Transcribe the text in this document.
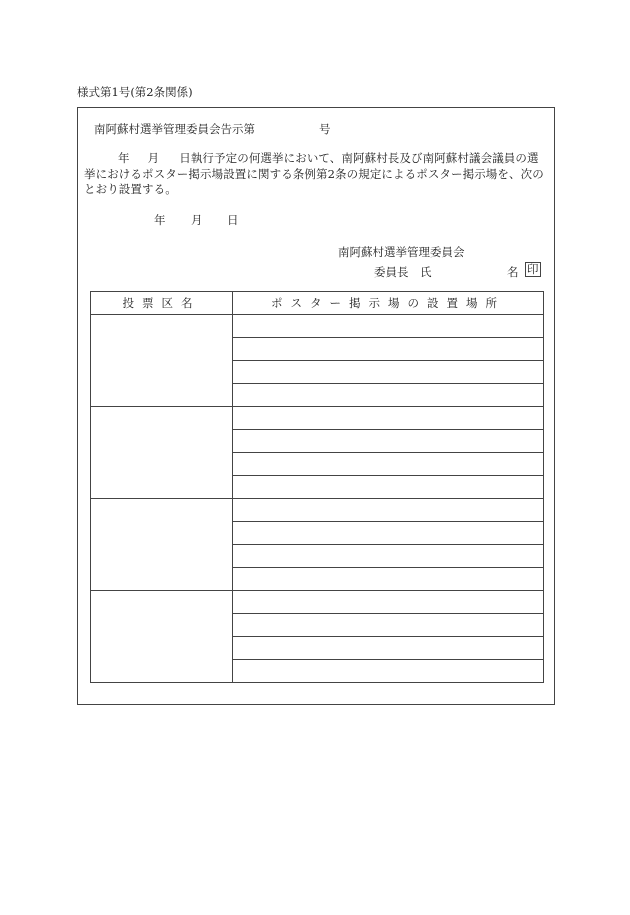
様式第1号(第2条関係)
南阿蘇村選挙管理委員会告示第	号
年 月 日執行予定の何選挙において、南阿蘇村長及び南阿蘇村議会議員の選挙におけるポスター掲示場設置に関する条例第2条の規定によるポスター掲示場を、次のとおり設置する。
年 月 日
南阿蘇村選挙管理委員会
委員長　氏	名 印
投票区名	ポスター掲示場の設置場所
